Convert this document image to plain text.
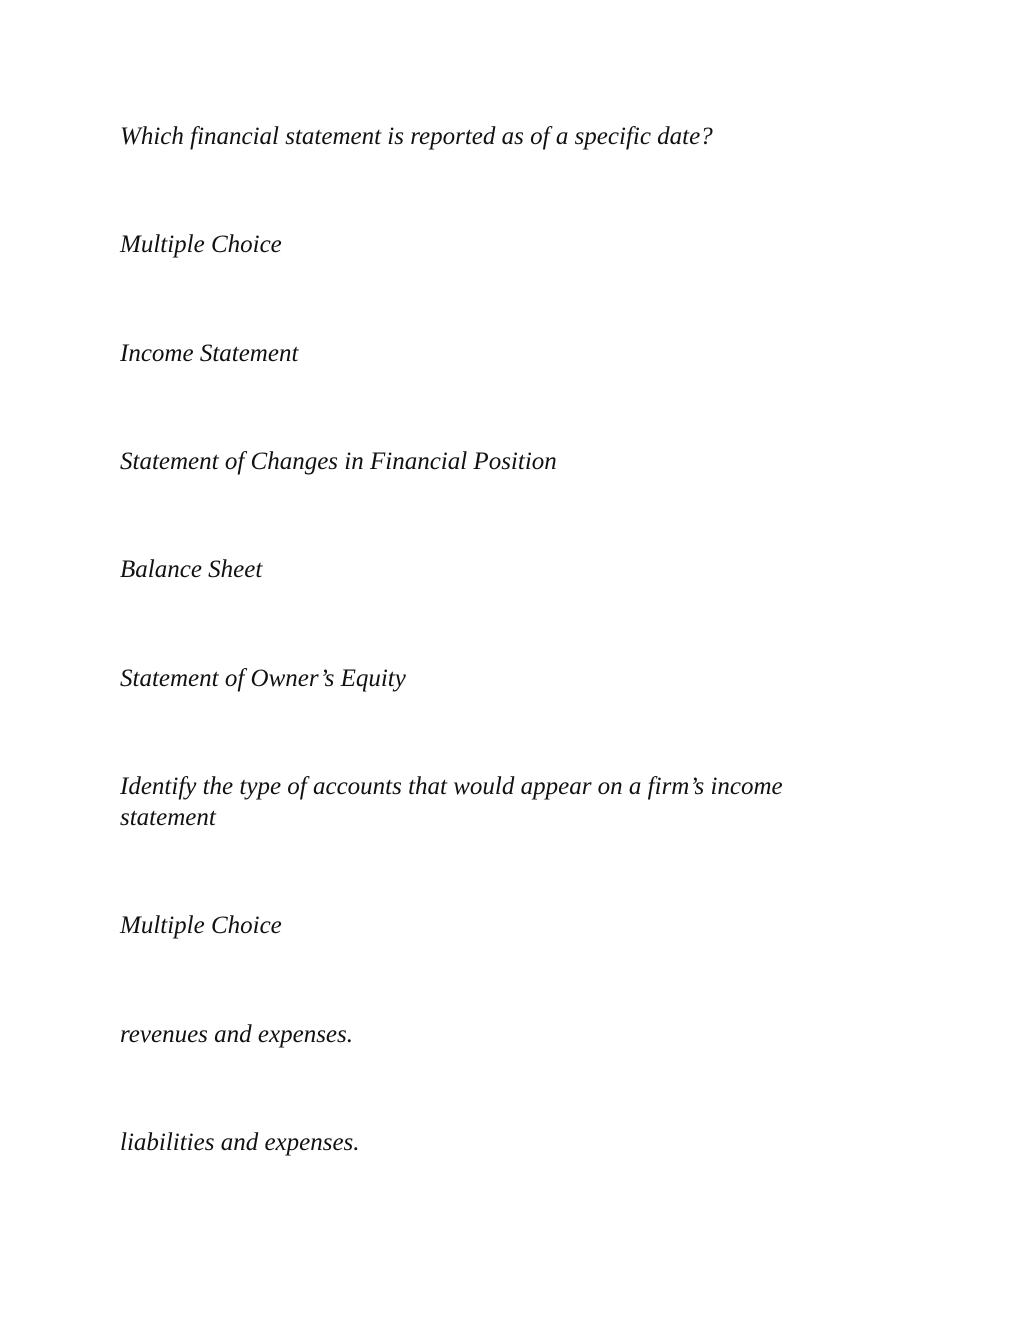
Which financial statement is reported as of a specific date?

Multiple Choice

Income Statement

Statement of Changes in Financial Position

Balance Sheet

Statement of Owner’s Equity

Identify the type of accounts that would appear on a firm’s income statement

Multiple Choice

revenues and expenses.

liabilities and expenses.
